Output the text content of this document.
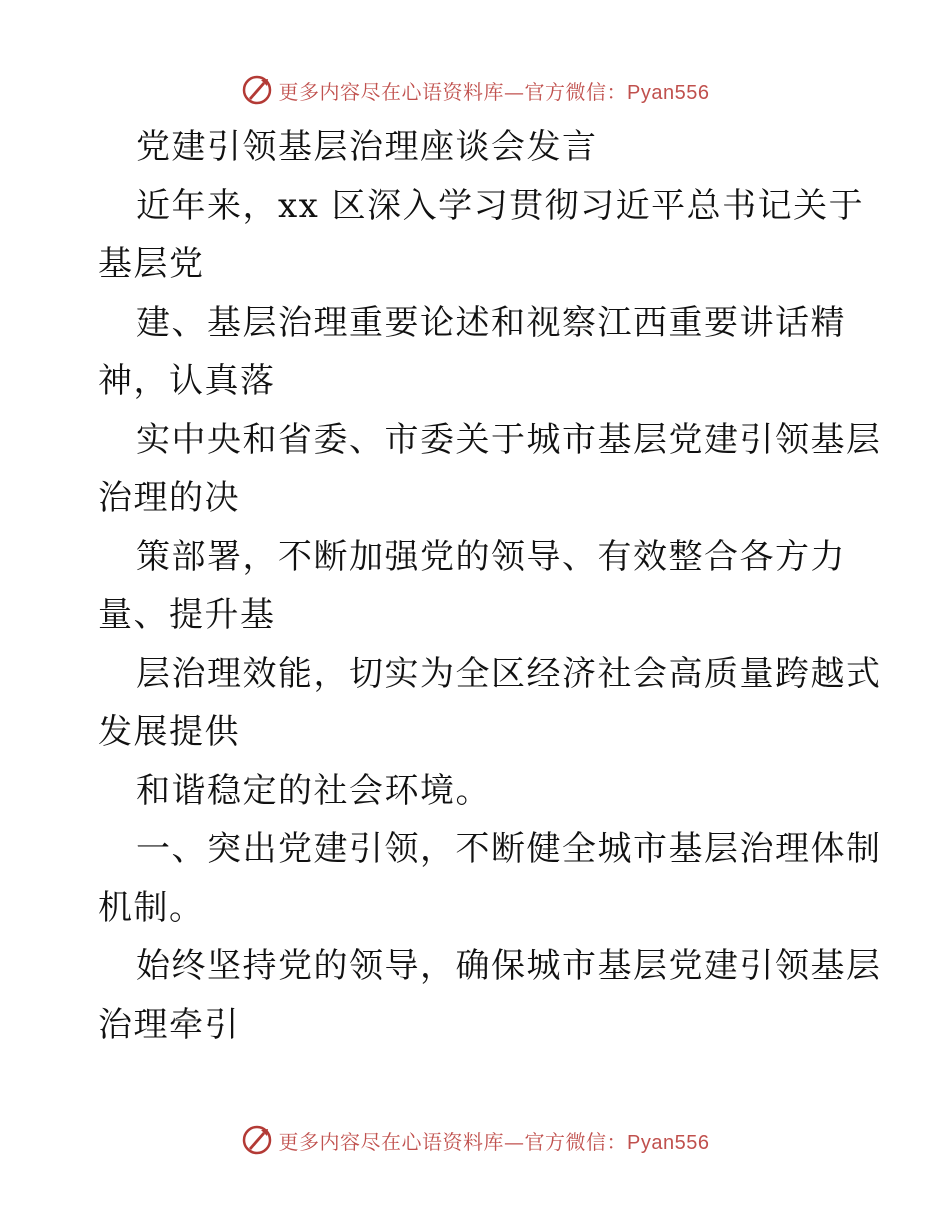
更多内容尽在心语资料库—官方微信：Pyan556
党建引领基层治理座谈会发言
近年来，xx 区深入学习贯彻习近平总书记关于
基层党
建、基层治理重要论述和视察江西重要讲话精
神，认真落
实中央和省委、市委关于城市基层党建引领基层
治理的决
策部署，不断加强党的领导、有效整合各方力
量、提升基
层治理效能，切实为全区经济社会高质量跨越式
发展提供
和谐稳定的社会环境。
一、突出党建引领，不断健全城市基层治理体制
机制。
始终坚持党的领导，确保城市基层党建引领基层
治理牵引
更多内容尽在心语资料库—官方微信：Pyan556
